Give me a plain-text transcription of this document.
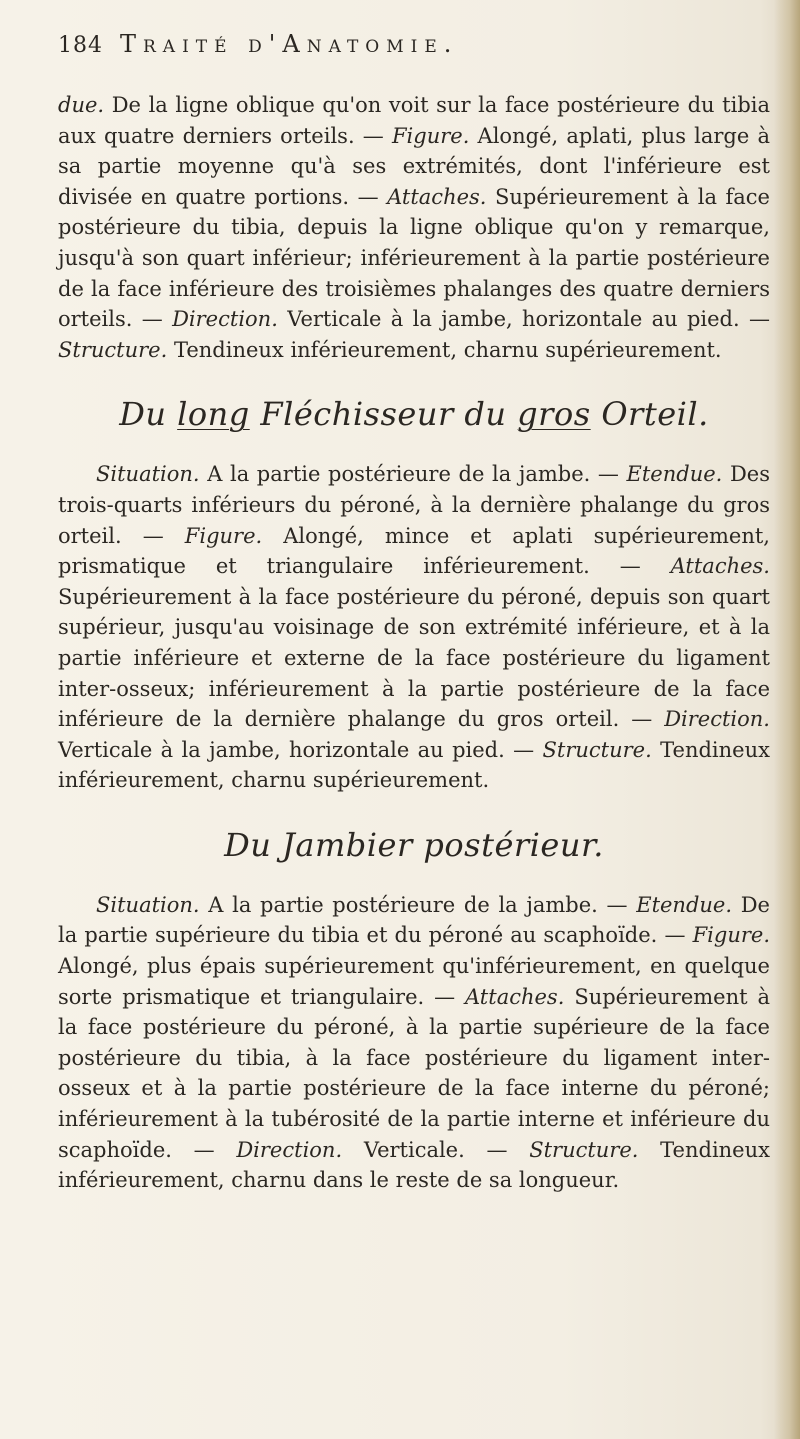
184 Traité d'Anatomie.

due. De la ligne oblique qu'on voit sur la face postérieure du tibia aux quatre derniers orteils. — Figure. Alongé, aplati, plus large à sa partie moyenne qu'à ses extrémités, dont l'inférieure est divisée en quatre portions. — Attaches. Supérieurement à la face postérieure du tibia, depuis la ligne oblique qu'on y remarque, jusqu'à son quart inférieur; inférieurement à la partie postérieure de la face inférieure des troisièmes phalanges des quatre derniers orteils. — Direction. Verticale à la jambe, horizontale au pied. — Structure. Tendineux inférieurement, charnu supérieurement.

Du long Fléchisseur du gros Orteil.

Situation. A la partie postérieure de la jambe. — Etendue. Des trois-quarts inférieurs du péroné, à la dernière phalange du gros orteil. — Figure. Alongé, mince et aplati supérieurement, prismatique et triangulaire inférieurement. — Attaches. Supérieurement à la face postérieure du péroné, depuis son quart supérieur, jusqu'au voisinage de son extrémité inférieure, et à la partie inférieure et externe de la face postérieure du ligament inter-osseux; inférieurement à la partie postérieure de la face inférieure de la dernière phalange du gros orteil. — Direction. Verticale à la jambe, horizontale au pied. — Structure. Tendineux inférieurement, charnu supérieurement.

Du Jambier postérieur.

Situation. A la partie postérieure de la jambe. — Etendue. De la partie supérieure du tibia et du péroné au scaphoïde. — Figure. Alongé, plus épais supérieurement qu'inférieurement, en quelque sorte prismatique et triangulaire. — Attaches. Supérieurement à la face postérieure du péroné, à la partie supérieure de la face postérieure du tibia, à la face postérieure du ligament inter-osseux et à la partie postérieure de la face interne du péroné; inférieurement à la tubérosité de la partie interne et inférieure du scaphoïde. — Direction. Verticale. — Structure. Tendineux inférieurement, charnu dans le reste de sa longueur.
